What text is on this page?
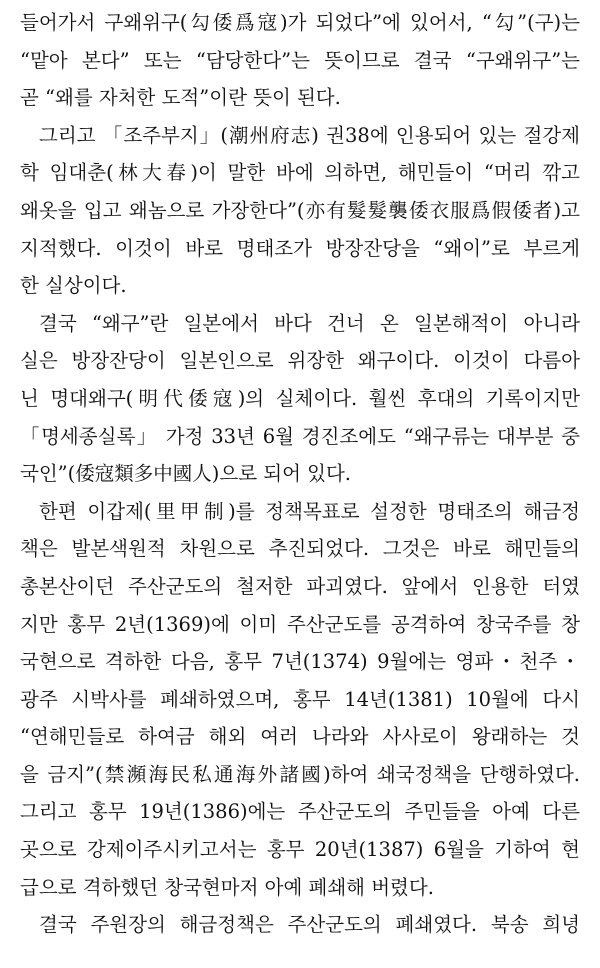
들어가서 구왜위구(勾倭爲寇)가 되었다”에 있어서, “勾”(구)는
“맡아 본다” 또는 “담당한다”는 뜻이므로 결국 “구왜위구”는
곧 “왜를 자처한 도적”이란 뜻이 된다.
그리고 「조주부지」(潮州府志) 권38에 인용되어 있는 절강제
학 임대춘(林大春)이 말한 바에 의하면, 해민들이 “머리 깎고
왜옷을 입고 왜놈으로 가장한다”(亦有髮髮襲倭衣服爲假倭者)고
지적했다. 이것이 바로 명태조가 방장잔당을 “왜이”로 부르게
한 실상이다.
결국 “왜구”란 일본에서 바다 건너 온 일본해적이 아니라
실은 방장잔당이 일본인으로 위장한 왜구이다. 이것이 다름아
닌 명대왜구(明代倭寇)의 실체이다. 훨씬 후대의 기록이지만
「명세종실록」 가정 33년 6월 경진조에도 “왜구류는 대부분 중
국인”(倭寇類多中國人)으로 되어 있다.
한편 이갑제(里甲制)를 정책목표로 설정한 명태조의 해금정
책은 발본색원적 차원으로 추진되었다. 그것은 바로 해민들의
총본산이던 주산군도의 철저한 파괴였다. 앞에서 인용한 터였
지만 홍무 2년(1369)에 이미 주산군도를 공격하여 창국주를 창
국현으로 격하한 다음, 홍무 7년(1374) 9월에는 영파・천주・
광주 시박사를 폐쇄하였으며, 홍무 14년(1381) 10월에 다시
“연해민들로 하여금 해외 여러 나라와 사사로이 왕래하는 것
을 금지”(禁瀕海民私通海外諸國)하여 쇄국정책을 단행하였다.
그리고 홍무 19년(1386)에는 주산군도의 주민들을 아예 다른
곳으로 강제이주시키고서는 홍무 20년(1387) 6월을 기하여 현
급으로 격하했던 창국현마저 아예 폐쇄해 버렸다.
결국 주원장의 해금정책은 주산군도의 폐쇄였다. 북송 희녕
